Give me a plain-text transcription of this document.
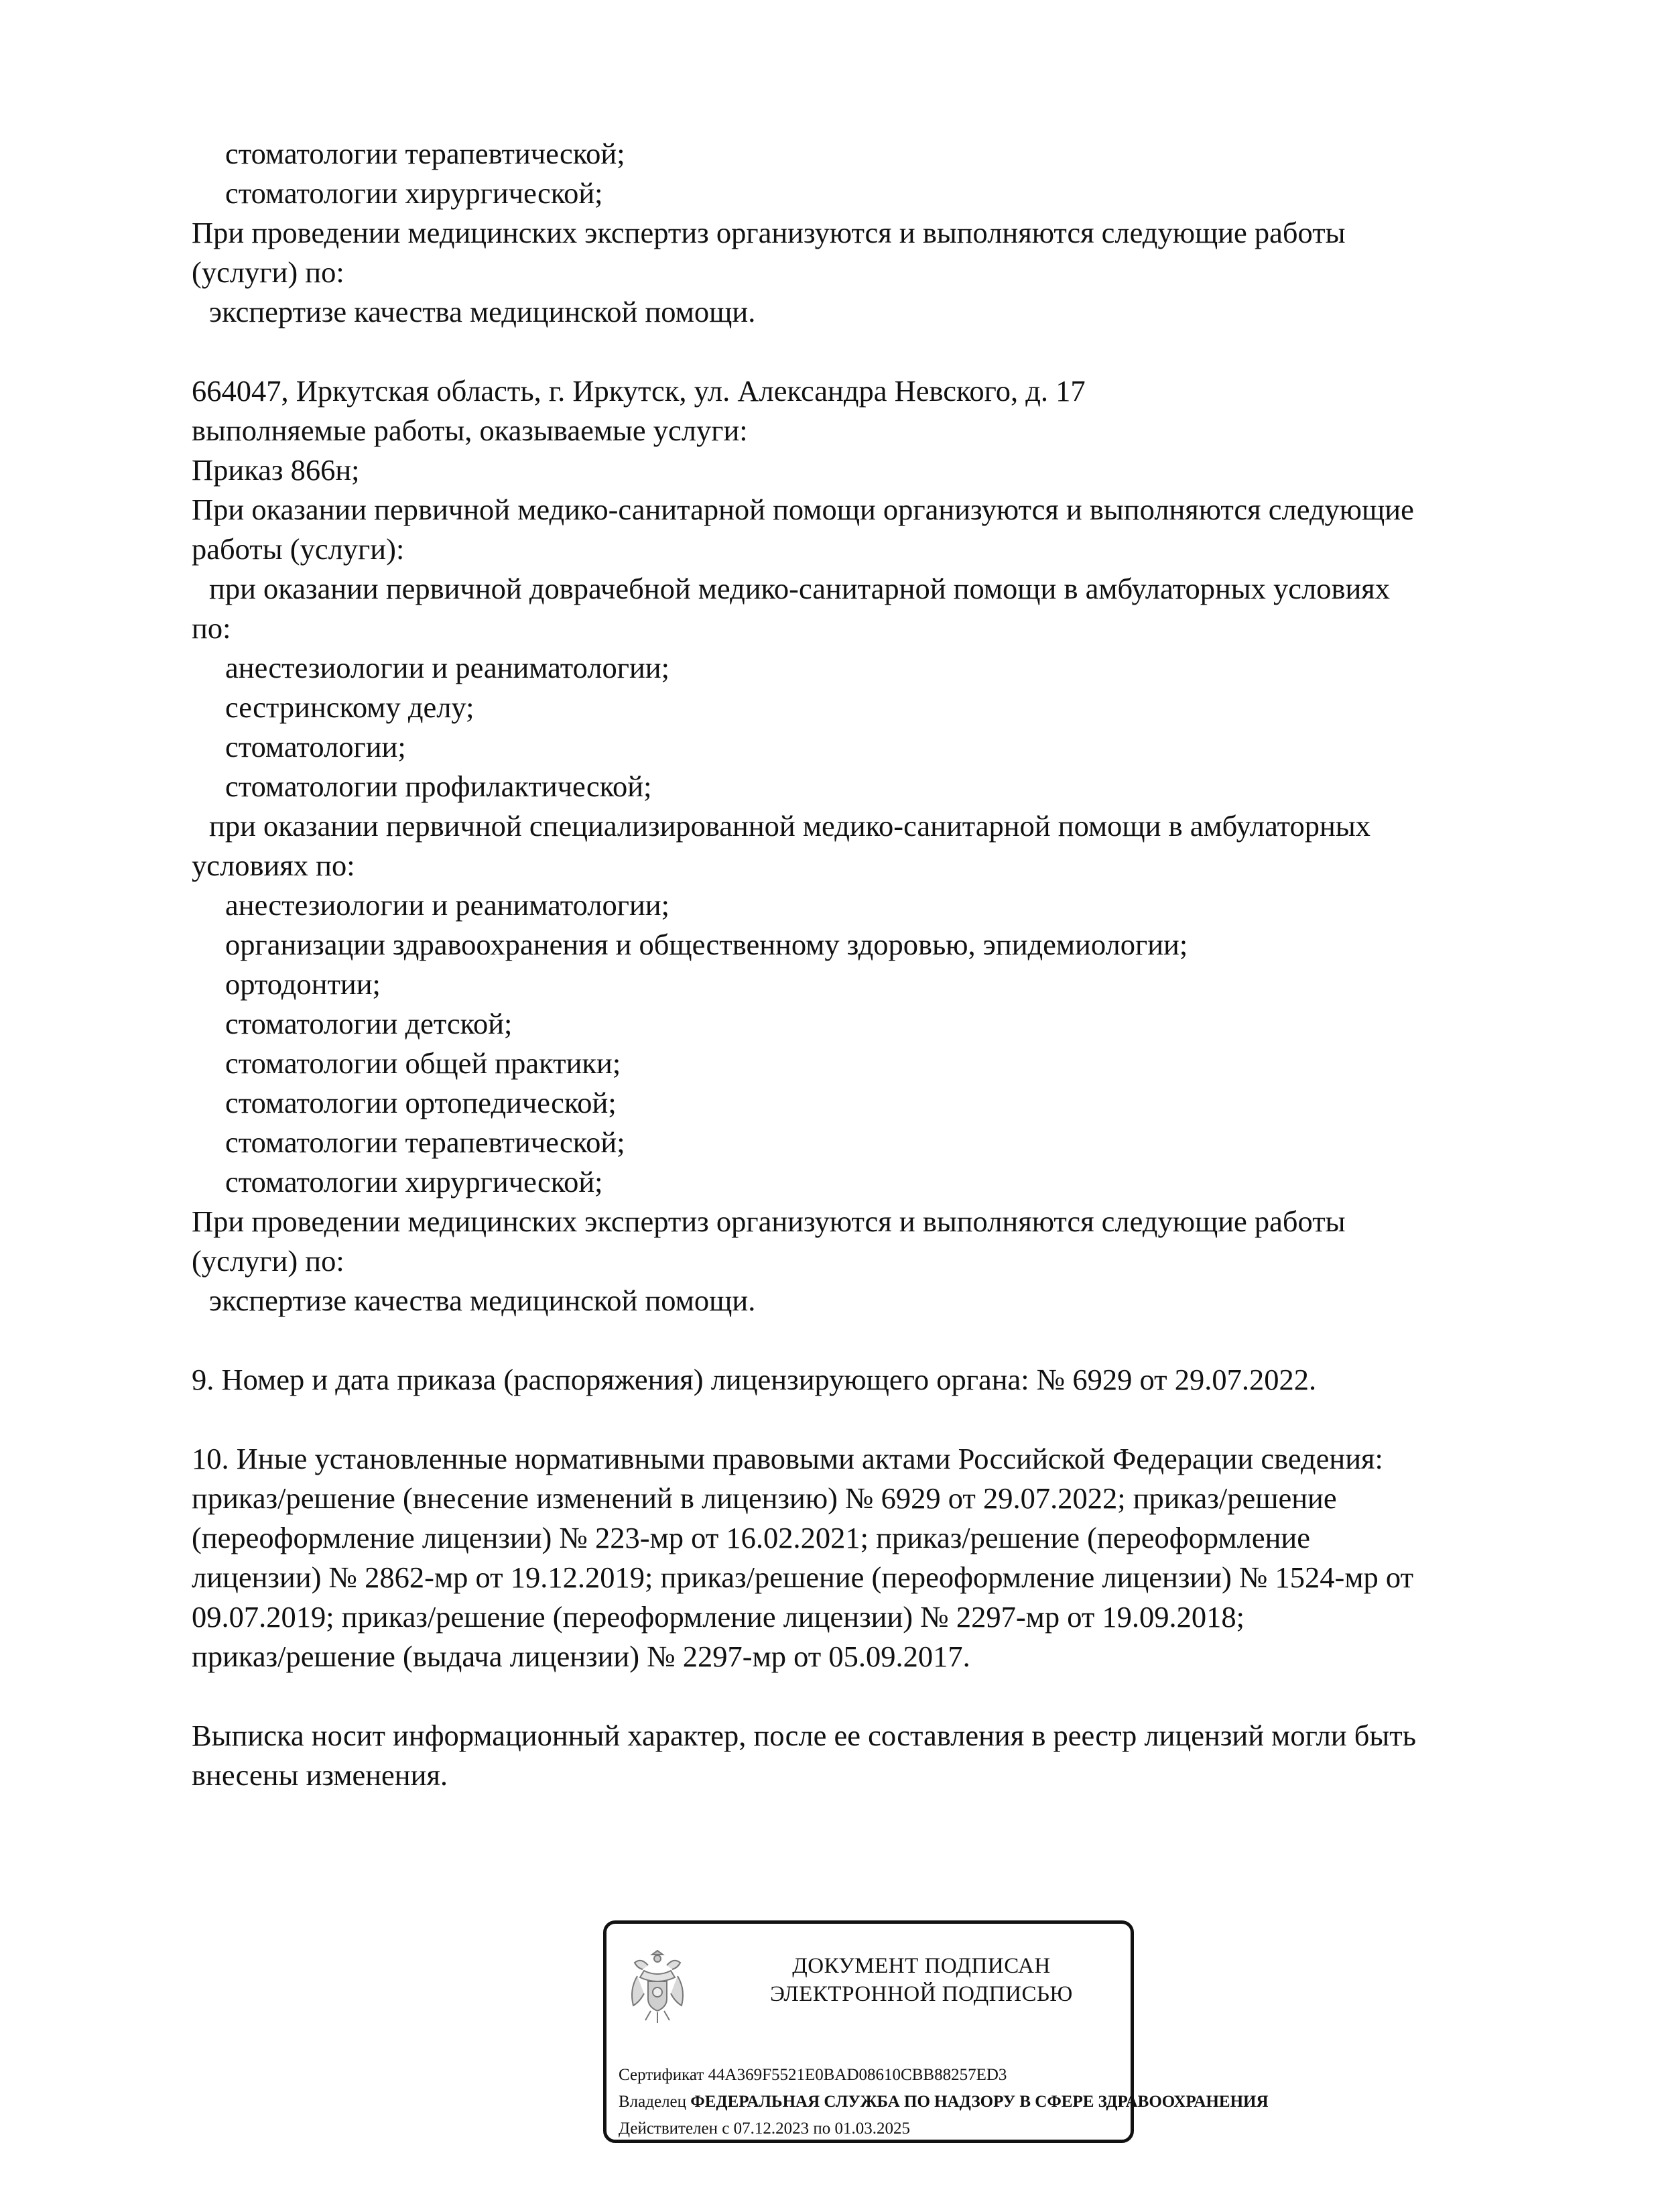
стоматологии терапевтической;
стоматологии хирургической;
При проведении медицинских экспертиз организуются и выполняются следующие работы
(услуги) по:
экспертизе качества медицинской помощи.
664047, Иркутская область, г. Иркутск, ул. Александра Невского, д. 17
выполняемые работы, оказываемые услуги:
Приказ 866н;
При оказании первичной медико-санитарной помощи организуются и выполняются следующие
работы (услуги):
при оказании первичной доврачебной медико-санитарной помощи в амбулаторных условиях
по:
анестезиологии и реаниматологии;
сестринскому делу;
стоматологии;
стоматологии профилактической;
при оказании первичной специализированной медико-санитарной помощи в амбулаторных
условиях по:
анестезиологии и реаниматологии;
организации здравоохранения и общественному здоровью, эпидемиологии;
ортодонтии;
стоматологии детской;
стоматологии общей практики;
стоматологии ортопедической;
стоматологии терапевтической;
стоматологии хирургической;
При проведении медицинских экспертиз организуются и выполняются следующие работы
(услуги) по:
экспертизе качества медицинской помощи.
9. Номер и дата приказа (распоряжения) лицензирующего органа: № 6929 от 29.07.2022.
10. Иные установленные нормативными правовыми актами Российской Федерации сведения:
приказ/решение (внесение изменений в лицензию) № 6929 от 29.07.2022; приказ/решение
(переоформление лицензии) № 223-мр от 16.02.2021; приказ/решение (переоформление
лицензии) № 2862-мр от 19.12.2019; приказ/решение (переоформление лицензии) № 1524-мр от
09.07.2019; приказ/решение (переоформление лицензии) № 2297-мр от 19.09.2018;
приказ/решение (выдача лицензии) № 2297-мр от 05.09.2017.
Выписка носит информационный характер, после ее составления в реестр лицензий могли быть
внесены изменения.
ДОКУМЕНТ ПОДПИСАН
ЭЛЕКТРОННОЙ ПОДПИСЬЮ
Сертификат 44A369F5521E0BAD08610CBB88257ED3
Владелец ФЕДЕРАЛЬНАЯ СЛУЖБА ПО НАДЗОРУ В СФЕРЕ ЗДРАВООХРАНЕНИЯ
Действителен с 07.12.2023 по 01.03.2025
